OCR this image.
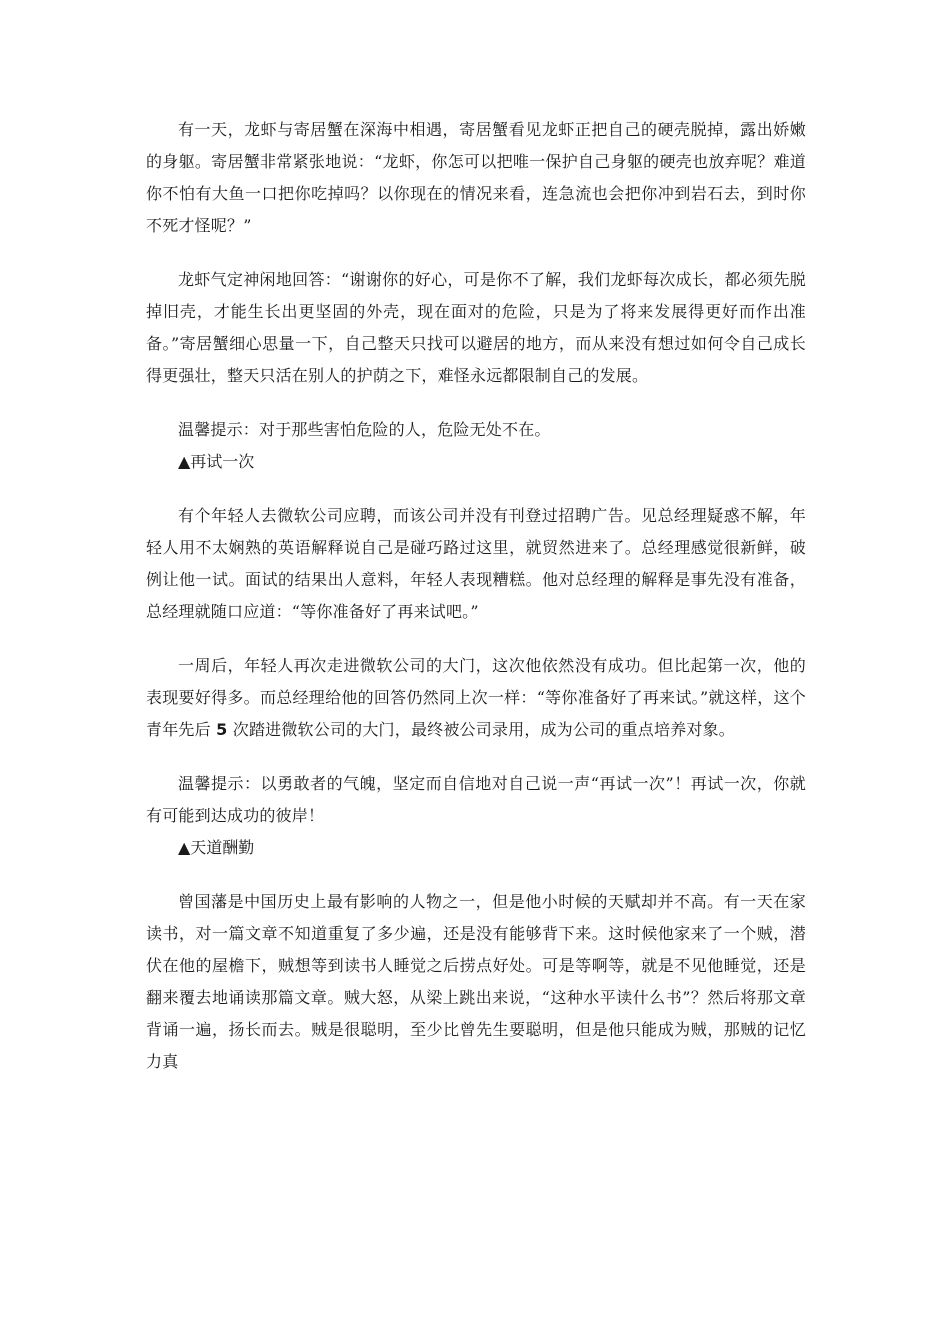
有一天，龙虾与寄居蟹在深海中相遇，寄居蟹看见龙虾正把自己的硬壳脱掉，露出娇嫩的身躯。寄居蟹非常紧张地说：“龙虾，你怎可以把唯一保护自己身躯的硬壳也放弃呢？难道你不怕有大鱼一口把你吃掉吗？以你现在的情况来看，连急流也会把你冲到岩石去，到时你不死才怪呢？”

龙虾气定神闲地回答：“谢谢你的好心，可是你不了解，我们龙虾每次成长，都必须先脱掉旧壳，才能生长出更坚固的外壳，现在面对的危险，只是为了将来发展得更好而作出准备。”寄居蟹细心思量一下，自己整天只找可以避居的地方，而从来没有想过如何令自己成长得更强壮，整天只活在别人的护荫之下，难怪永远都限制自己的发展。

温馨提示：对于那些害怕危险的人，危险无处不在。

▲再试一次

有个年轻人去微软公司应聘，而该公司并没有刊登过招聘广告。见总经理疑惑不解，年轻人用不太娴熟的英语解释说自己是碰巧路过这里，就贸然进来了。总经理感觉很新鲜，破例让他一试。面试的结果出人意料，年轻人表现糟糕。他对总经理的解释是事先没有准备，总经理就随口应道：“等你准备好了再来试吧。”

一周后，年轻人再次走进微软公司的大门，这次他依然没有成功。但比起第一次，他的表现要好得多。而总经理给他的回答仍然同上次一样：“等你准备好了再来试。”就这样，这个青年先后 5 次踏进微软公司的大门，最终被公司录用，成为公司的重点培养对象。

温馨提示：以勇敢者的气魄，坚定而自信地对自己说一声“再试一次”！再试一次，你就有可能到达成功的彼岸！

▲天道酬勤

曾国藩是中国历史上最有影响的人物之一，但是他小时候的天赋却并不高。有一天在家读书，对一篇文章不知道重复了多少遍，还是没有能够背下来。这时候他家来了一个贼，潜伏在他的屋檐下，贼想等到读书人睡觉之后捞点好处。可是等啊等，就是不见他睡觉，还是翻来覆去地诵读那篇文章。贼大怒，从梁上跳出来说，“这种水平读什么书”？然后将那文章背诵一遍，扬长而去。贼是很聪明，至少比曾先生要聪明，但是他只能成为贼，那贼的记忆力真
